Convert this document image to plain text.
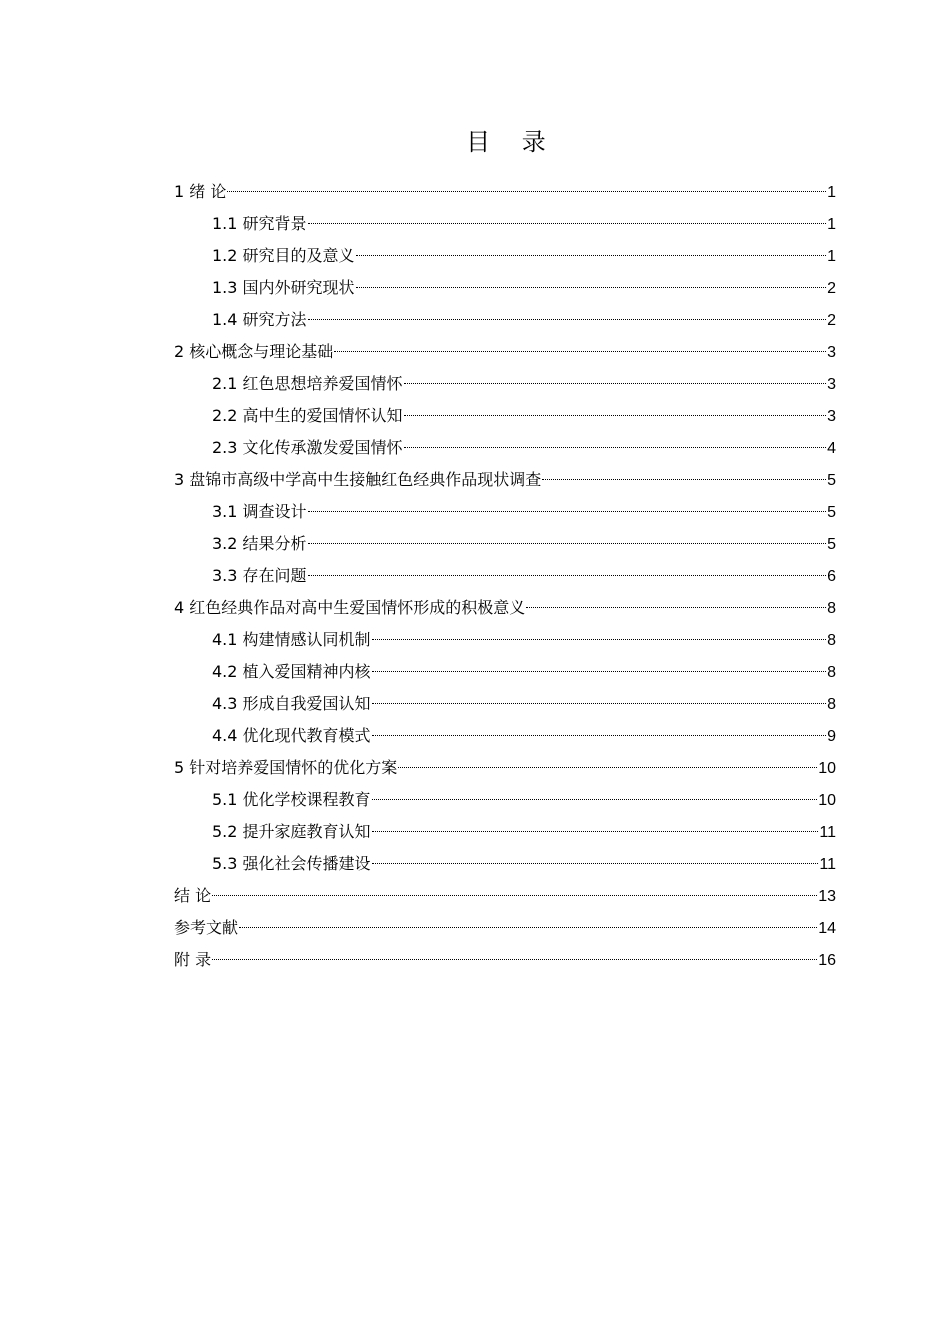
目 录
1 绪 论	1
1.1 研究背景	1
1.2 研究目的及意义	1
1.3 国内外研究现状	2
1.4 研究方法	2
2 核心概念与理论基础	3
2.1 红色思想培养爱国情怀	3
2.2 高中生的爱国情怀认知	3
2.3 文化传承激发爱国情怀	4
3 盘锦市高级中学高中生接触红色经典作品现状调查	5
3.1 调查设计	5
3.2 结果分析	5
3.3 存在问题	6
4 红色经典作品对高中生爱国情怀形成的积极意义	8
4.1 构建情感认同机制	8
4.2 植入爱国精神内核	8
4.3 形成自我爱国认知	8
4.4 优化现代教育模式	9
5 针对培养爱国情怀的优化方案	10
5.1 优化学校课程教育	10
5.2 提升家庭教育认知	11
5.3 强化社会传播建设	11
结 论	13
参考文献	14
附 录	16
